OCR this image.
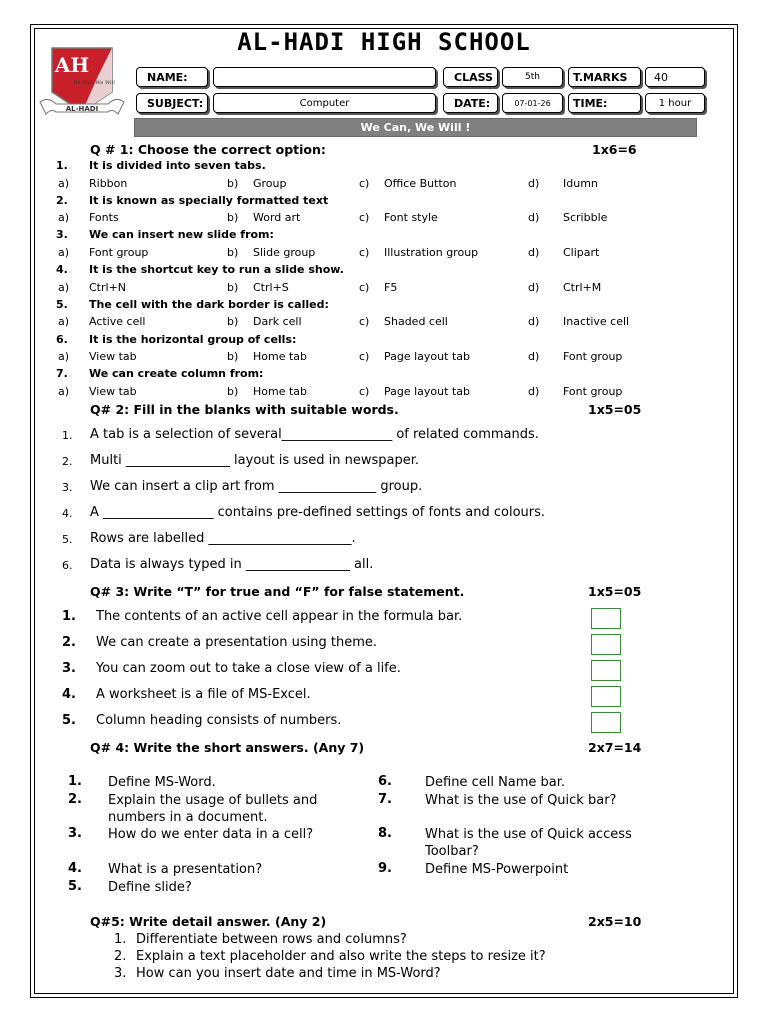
AL-HADI HIGH SCHOOL
AH
We Can, We Will
AL-HADI
NAME:	CLASS	5th	T.MARKS	40
SUBJECT:	Computer	DATE:	07-01-26	TIME:	1 hour
We Can, We Will !
Q # 1: Choose the correct option:	1x6=6
Q# 2: Fill in the blanks with suitable words.	1x5=05
Q# 3: Write “T” for true and “F” for false statement.	1x5=05
Q# 4: Write the short answers. (Any 7)	2x7=14
Q#5: Write detail answer. (Any 2)	2x5=10
1. It is divided into seven tabs.
a) Ribbon	b) Group	c) Office Button	d) Idumn
2. It is known as specially formatted text
a) Fonts	b) Word art	c) Font style	d) Scribble
3. We can insert new slide from:
a) Font group	b) Slide group	c) Illustration group	d) Clipart
4. It is the shortcut key to run a slide show.
a) Ctrl+N	b) Ctrl+S	c) F5	d) Ctrl+M
5. The cell with the dark border is called:
a) Active cell	b) Dark cell	c) Shaded cell	d) Inactive cell
6. It is the horizontal group of cells:
a) View tab	b) Home tab	c) Page layout tab	d) Font group
7. We can create column from:
a) View tab	b) Home tab	c) Page layout tab	d) Font group
1. A tab is a selection of several_________________ of related commands.
2. Multi ________________ layout is used in newspaper.
3. We can insert a clip art from _______________ group.
4. A _________________ contains pre-defined settings of fonts and colours.
5. Rows are labelled ______________________.
6. Data is always typed in ________________ all.
1. The contents of an active cell appear in the formula bar.
2. We can create a presentation using theme.
3. You can zoom out to take a close view of a life.
4. A worksheet is a file of MS-Excel.
5. Column heading consists of numbers.
1. Define MS-Word.
2. Explain the usage of bullets and numbers in a document.
3. How do we enter data in a cell?
4. What is a presentation?
5. Define slide?
6.	Define cell Name bar.
7.	What is the use of Quick bar?
8.	What is the use of Quick access Toolbar?
9.	Define MS-Powerpoint
1. Differentiate between rows and columns?
2. Explain a text placeholder and also write the steps to resize it?
3. How can you insert date and time in MS-Word?
